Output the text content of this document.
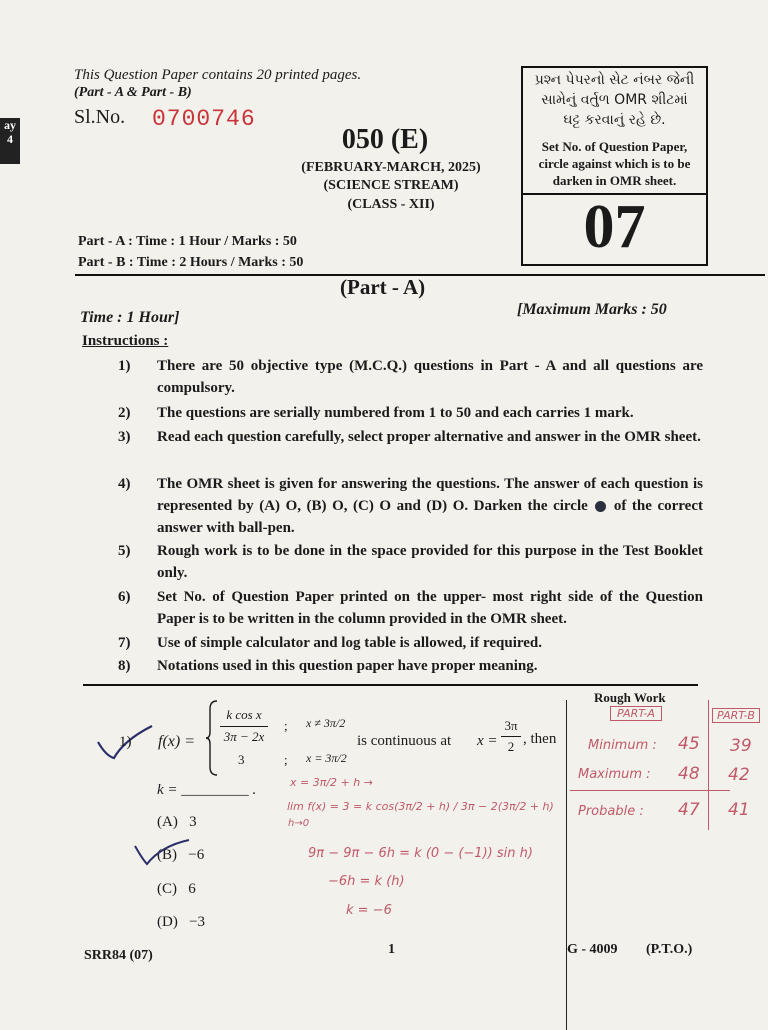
ay 4
This Question Paper contains 20 printed pages.
(Part - A & Part - B)
Sl.No. 0700746
050 (E)
(FEBRUARY-MARCH, 2025)
(SCIENCE STREAM)
(CLASS - XII)
પ્રશ્ન પેપરનો સેટ નંબર જેની
સામેનું વર્તુળ OMR શીટમાં
ઘટ્ટ કરવાનું રહે છે.
Set No. of Question Paper,
circle against which is to be
darken in OMR sheet.
07
Part - A : Time : 1 Hour / Marks : 50
Part - B : Time : 2 Hours / Marks : 50
(Part - A)
Time : 1 Hour]	[Maximum Marks : 50
Instructions :
1)	There are 50 objective type (M.C.Q.) questions in Part - A and all questions are compulsory.
2)	The questions are serially numbered from 1 to 50 and each carries 1 mark.
3)	Read each question carefully, select proper alternative and answer in the OMR sheet.
4)	The OMR sheet is given for answering the questions. The answer of each question is represented by (A) O, (B) O, (C) O and (D) O. Darken the circle of the correct answer with ball-pen.
5)	Rough work is to be done in the space provided for this purpose in the Test Booklet only.
6)	Set No. of Question Paper printed on the upper- most right side of the Question Paper is to be written in the column provided in the OMR sheet.
7)	Use of simple calculator and log table is allowed, if required.
8)	Notations used in this question paper have proper meaning.
1) f(x) =
k cos x
3π − 2x
; x ≠ 3π/2
3	; x = 3π/2
is continuous at x =
3π
2 , then
k = _________ .
(A) 3
(B) −6
(C) 6
(D) −3
x = 3π/2 + h →
lim f(x) = 3 = k cos(3π/2 + h) / 3π − 2(3π/2 + h)
h→0
9π − 9π − 6h = k (0 − (−1)) sin h)
−6h = k (h)
k = −6
Rough Work
PART-A	PART-B
Minimum : 45 39
Maximum : 48 42
Probable : 47 41
SRR84 (07)	1	G - 4009 (P.T.O.)
